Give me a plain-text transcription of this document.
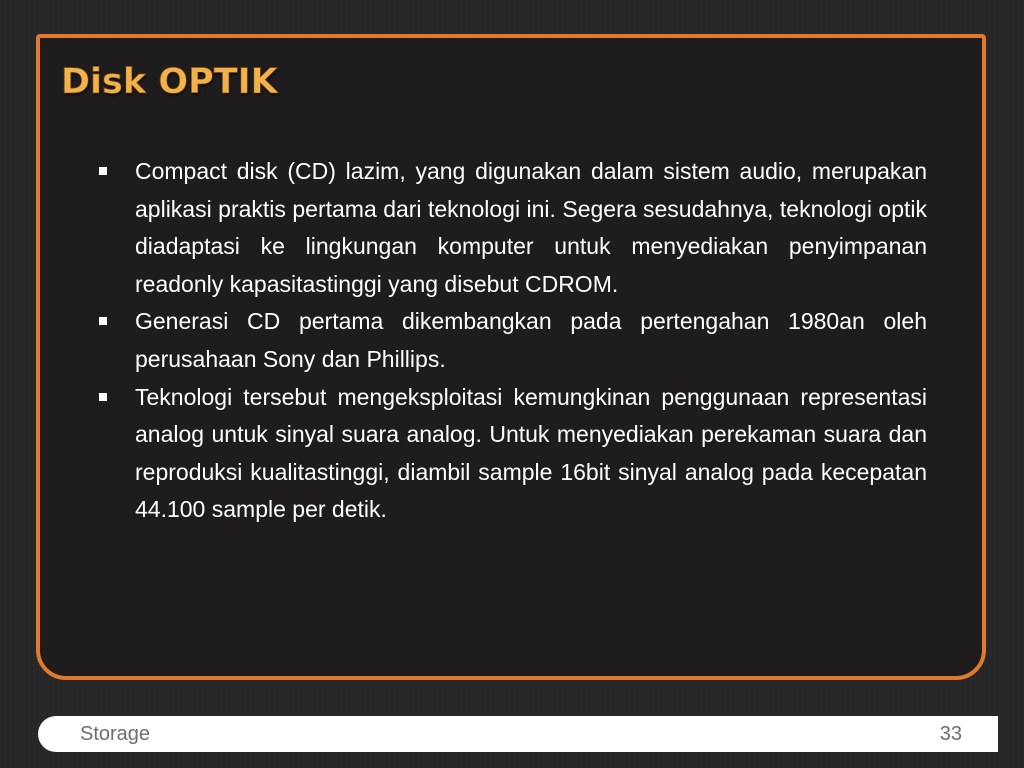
Disk OPTIK
Compact disk (CD) lazim, yang digunakan dalam sistem audio, merupakan aplikasi praktis pertama dari teknologi ini. Segera sesudahnya, teknologi optik diadaptasi ke lingkungan komputer untuk menyediakan penyimpanan readonly kapasitastinggi yang disebut CDROM.
Generasi CD pertama dikembangkan pada pertengahan 1980an oleh perusahaan Sony dan Phillips.
Teknologi tersebut mengeksploitasi kemungkinan penggunaan representasi analog untuk sinyal suara analog. Untuk menyediakan perekaman suara dan reproduksi kualitastinggi, diambil sample 16bit sinyal analog pada kecepatan 44.100 sample per detik.
Storage	33
